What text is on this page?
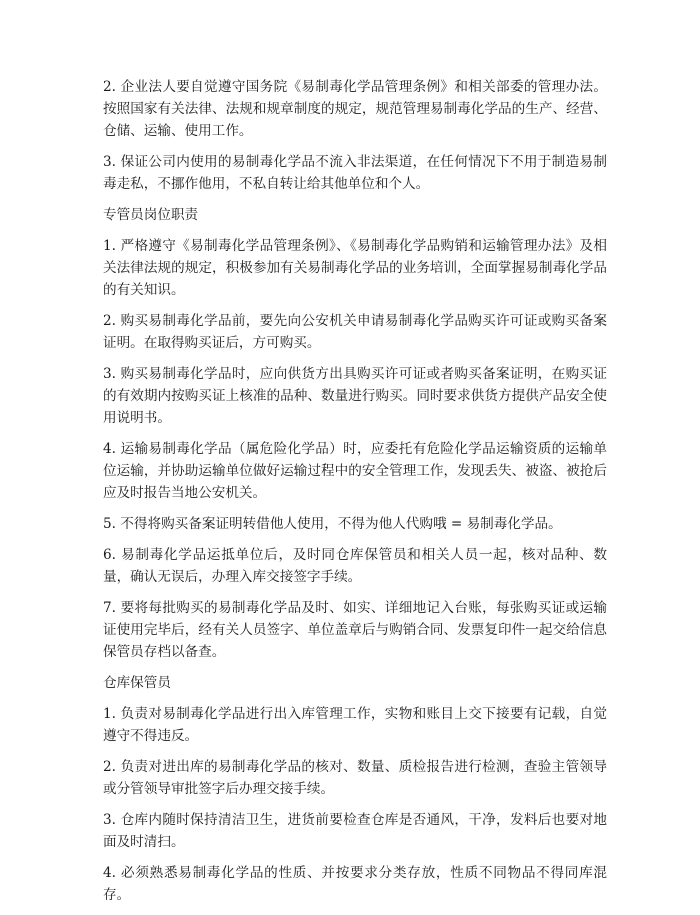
2. 企业法人要自觉遵守国务院《易制毒化学品管理条例》和相关部委的管理办法。按照国家有关法律、法规和规章制度的规定，规范管理易制毒化学品的生产、经营、仓储、运输、使用工作。

3. 保证公司内使用的易制毒化学品不流入非法渠道，在任何情况下不用于制造易制毒走私，不挪作他用，不私自转让给其他单位和个人。

专管员岗位职责

1. 严格遵守《易制毒化学品管理条例》、《易制毒化学品购销和运输管理办法》及相关法律法规的规定，积极参加有关易制毒化学品的业务培训，全面掌握易制毒化学品的有关知识。

2. 购买易制毒化学品前，要先向公安机关申请易制毒化学品购买许可证或购买备案证明。在取得购买证后，方可购买。

3. 购买易制毒化学品时，应向供货方出具购买许可证或者购买备案证明，在购买证的有效期内按购买证上核准的品种、数量进行购买。同时要求供货方提供产品安全使用说明书。

4. 运输易制毒化学品（属危险化学品）时，应委托有危险化学品运输资质的运输单位运输，并协助运输单位做好运输过程中的安全管理工作，发现丢失、被盗、被抢后应及时报告当地公安机关。

5. 不得将购买备案证明转借他人使用，不得为他人代购哦 = 易制毒化学品。

6. 易制毒化学品运抵单位后，及时同仓库保管员和相关人员一起，核对品种、数量，确认无误后，办理入库交接签字手续。

7. 要将每批购买的易制毒化学品及时、如实、详细地记入台账，每张购买证或运输证使用完毕后，经有关人员签字、单位盖章后与购销合同、发票复印件一起交给信息保管员存档以备查。

仓库保管员

1. 负责对易制毒化学品进行出入库管理工作，实物和账目上交下接要有记载，自觉遵守不得违反。

2. 负责对进出库的易制毒化学品的核对、数量、质检报告进行检测，查验主管领导或分管领导审批签字后办理交接手续。

3. 仓库内随时保持清洁卫生，进货前要检查仓库是否通风，干净，发料后也要对地面及时清扫。

4. 必须熟悉易制毒化学品的性质、并按要求分类存放，性质不同物品不得同库混存。
